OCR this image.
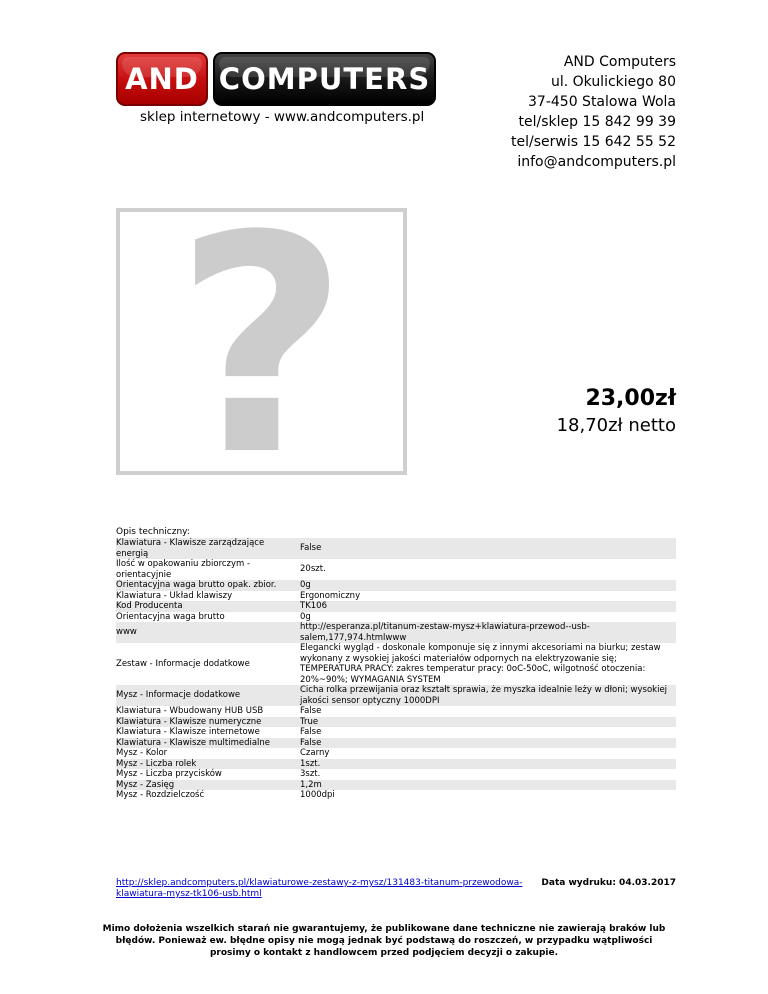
AND COMPUTERS
sklep internetowy - www.andcomputers.pl
AND Computers
ul. Okulickiego 80
37-450 Stalowa Wola
tel/sklep 15 842 99 39
tel/serwis 15 642 55 52
info@andcomputers.pl
?	23,00zł
18,70zł netto
Opis techniczny:
Klawiatura - Klawisze zarządzające energią	False
Ilość w opakowaniu zbiorczym - orientacyjnie	20szt.
Orientacyjna waga brutto opak. zbior.	0g
Klawiatura - Układ klawiszy	Ergonomiczny
Kod Producenta	TK106
Orientacyjna waga brutto	0g
www	http://esperanza.pl/titanum-zestaw-mysz+klawiatura-przewod--usb-salem,177,974.htmlwww
Zestaw - Informacje dodatkowe	Elegancki wygląd - doskonale komponuje się z innymi akcesoriami na biurku; zestaw wykonany z wysokiej jakości materiałów odpornych na elektryzowanie się; TEMPERATURA PRACY: zakres temperatur pracy: 0oC-50oC, wilgotność otoczenia: 20%~90%; WYMAGANIA SYSTEM
Mysz - Informacje dodatkowe	Cicha rolka przewijania oraz kształt sprawia, że myszka idealnie leży w dłoni; wysokiej jakości sensor optyczny 1000DPI
Klawiatura - Wbudowany HUB USB	False
Klawiatura - Klawisze numeryczne	True
Klawiatura - Klawisze internetowe	False
Klawiatura - Klawisze multimedialne	False
Mysz - Kolor	Czarny
Mysz - Liczba rolek	1szt.
Mysz - Liczba przycisków	3szt.
Mysz - Zasięg	1,2m
Mysz - Rozdzielczość	1000dpi
http://sklep.andcomputers.pl/klawiaturowe-zestawy-z-mysz/131483-titanum-przewodowa-klawiatura-mysz-tk106-usb.html
Data wydruku: 04.03.2017
Mimo dołożenia wszelkich starań nie gwarantujemy, że publikowane dane techniczne nie zawierają braków lub błędów. Ponieważ ew. błędne opisy nie mogą jednak być podstawą do roszczeń, w przypadku wątpliwości prosimy o kontakt z handlowcem przed podjęciem decyzji o zakupie.
